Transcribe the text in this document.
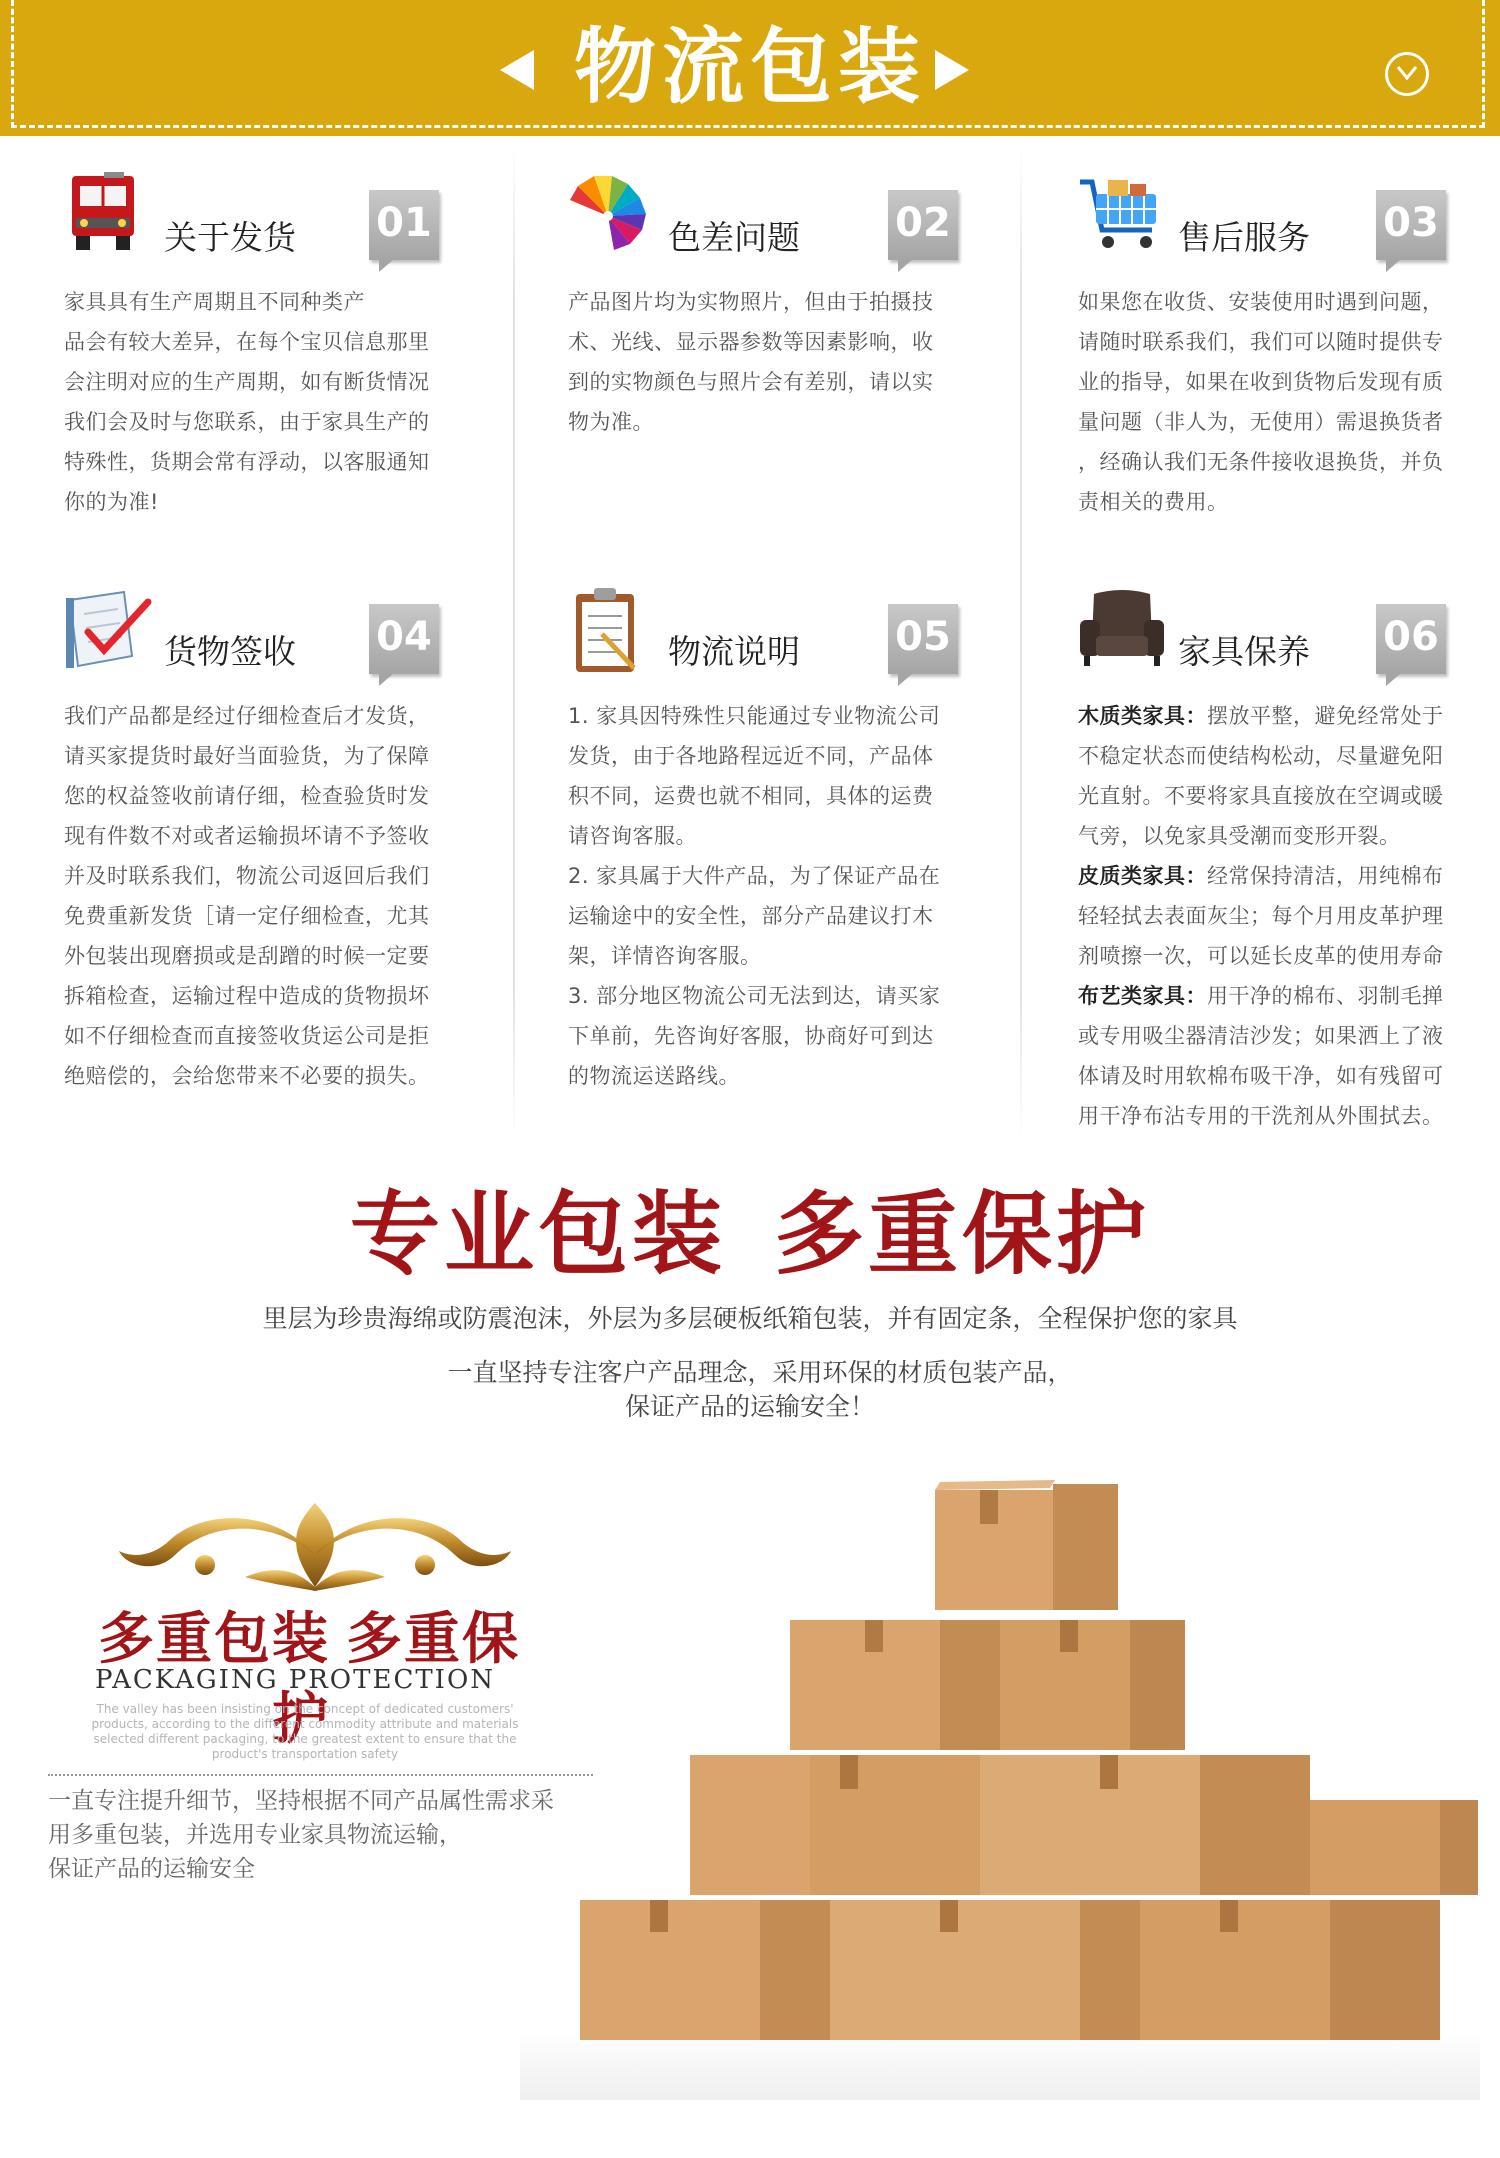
物流包装
关于发货 01

家具具有生产周期且不同种类产

品会有较大差异，在每个宝贝信息那里

会注明对应的生产周期，如有断货情况

我们会及时与您联系，由于家具生产的

特殊性，货期会常有浮动，以客服通知

你的为准!

色差问题 02

产品图片均为实物照片，但由于拍摄技

术、光线、显示器参数等因素影响，收

到的实物颜色与照片会有差别，请以实

物为准。

售后服务 03

如果您在收货、安装使用时遇到问题，

请随时联系我们，我们可以随时提供专

业的指导，如果在收到货物后发现有质

量问题（非人为，无使用）需退换货者

，经确认我们无条件接收退换货，并负

责相关的费用。

货物签收 04

我们产品都是经过仔细检查后才发货，

请买家提货时最好当面验货，为了保障

您的权益签收前请仔细，检查验货时发

现有件数不对或者运输损坏请不予签收

并及时联系我们，物流公司返回后我们

免费重新发货［请一定仔细检查，尤其

外包装出现磨损或是刮蹭的时候一定要

拆箱检查，运输过程中造成的货物损坏

如不仔细检查而直接签收货运公司是拒

绝赔偿的，会给您带来不必要的损失。

物流说明 05

1. 家具因特殊性只能通过专业物流公司

发货，由于各地路程远近不同，产品体

积不同，运费也就不相同，具体的运费

请咨询客服。

2. 家具属于大件产品，为了保证产品在

运输途中的安全性，部分产品建议打木

架，详情咨询客服。

3. 部分地区物流公司无法到达，请买家

下单前，先咨询好客服，协商好可到达

的物流运送路线。

家具保养 06

木质类家具：摆放平整，避免经常处于

不稳定状态而使结构松动，尽量避免阳

光直射。不要将家具直接放在空调或暖

气旁，以免家具受潮而变形开裂。

皮质类家具：经常保持清洁，用纯棉布

轻轻拭去表面灰尘；每个月用皮革护理

剂喷擦一次，可以延长皮革的使用寿命

布艺类家具：用干净的棉布、羽制毛掸

或专用吸尘器清洁沙发；如果洒上了液

体请及时用软棉布吸干净，如有残留可

用干净布沾专用的干洗剂从外围拭去。

专业包装 多重保护
里层为珍贵海绵或防震泡沫，外层为多层硬板纸箱包装，并有固定条，全程保护您的家具
一直坚持专注客户产品理念，采用环保的材质包装产品，
保证产品的运输安全！
多重包装 多重保护
PACKAGING PROTECTION
The valley has been insisting on the concept of dedicated customers'
products, according to the different commodity attribute and materials
selected different packaging, to the greatest extent to ensure that the
product's transportation safety

一直专注提升细节，坚持根据不同产品属性需求采

用多重包装，并选用专业家具物流运输，

保证产品的运输安全
